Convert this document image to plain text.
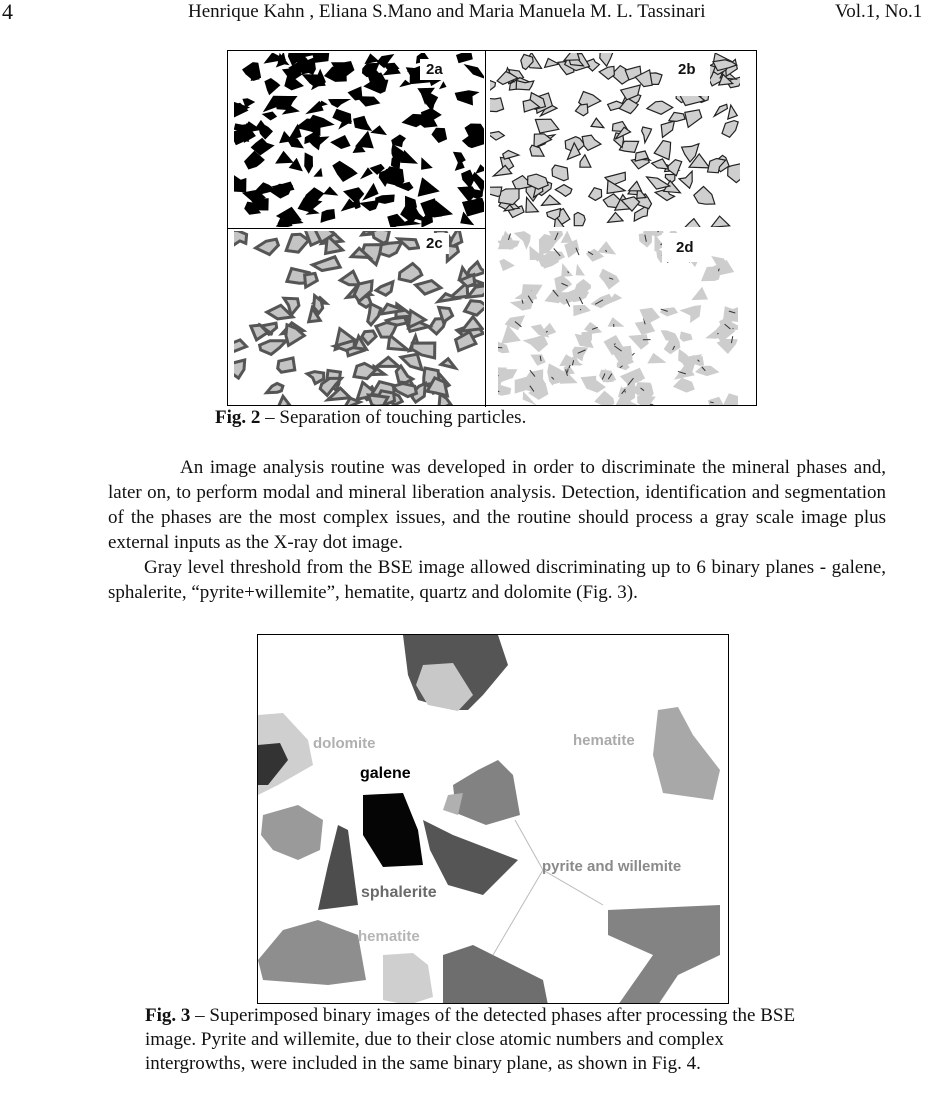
4	Henrique Kahn , Eliana S.Mano and Maria Manuela M. L. Tassinari	Vol.1, No.1
2a	2b
2c	2d
Fig. 2 – Separation of touching particles.
An image analysis routine was developed in order to discriminate the mineral phases and, later on, to perform modal and mineral liberation analysis. Detection, identification and segmentation of the phases are the most complex issues, and the routine should process a gray scale image plus external inputs as the X-ray dot image.
Gray level threshold from the BSE image allowed discriminating up to 6 binary planes - galene, sphalerite, “pyrite+willemite”, hematite, quartz and dolomite (Fig. 3).
dolomite	hematite
galene
pyrite and willemite
sphalerite
hematite
Fig. 3 – Superimposed binary images of the detected phases after processing the BSE image. Pyrite and willemite, due to their close atomic numbers and complex intergrowths, were included in the same binary plane, as shown in Fig. 4.
